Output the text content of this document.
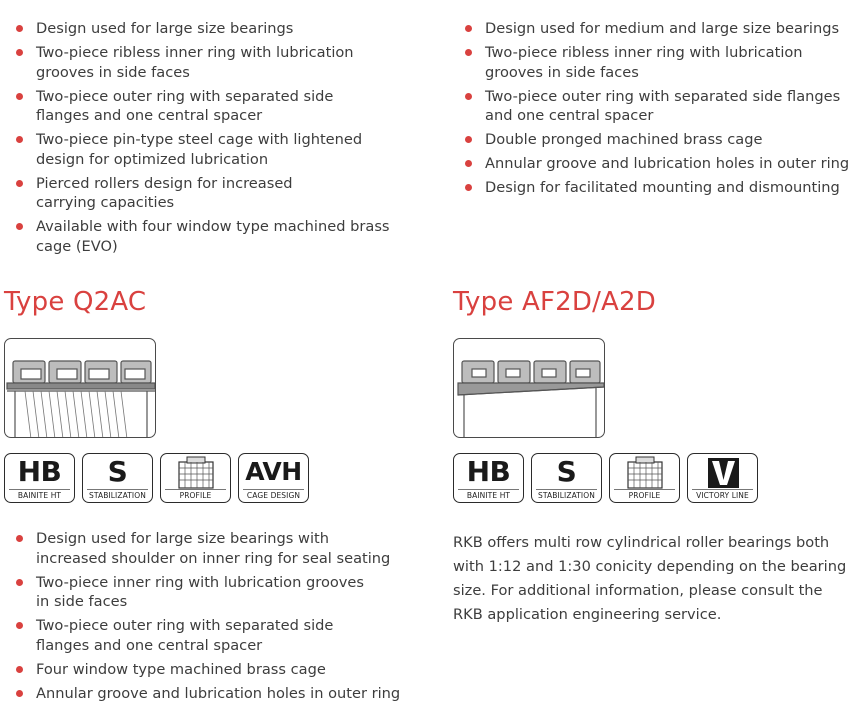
Design used for large size bearings
Two-piece ribless inner ring with lubrication grooves in side faces
Two-piece outer ring with separated side flanges and one central spacer
Two-piece pin-type steel cage with lightened design for optimized lubrication
Pierced rollers design for increased carrying capacities
Available with four window type machined brass cage (EVO)
Design used for medium and large size bearings
Two-piece ribless inner ring with lubrication grooves in side faces
Two-piece outer ring with separated side flanges and one central spacer
Double pronged machined brass cage
Annular groove and lubrication holes in outer ring
Design for facilitated mounting and dismounting
Type Q2AC
HB
BAINITE HT
S
STABILIZATION	PROFILE
AVH
CAGE DESIGN
Design used for large size bearings with increased shoulder on inner ring for seal seating
Two-piece inner ring with lubrication grooves in side faces
Two-piece outer ring with separated side flanges and one central spacer
Four window type machined brass cage
Annular groove and lubrication holes in outer ring
Type AF2D/A2D
HB
BAINITE HT
S
STABILIZATION	PROFILE	VICTORY LINE

RKB offers multi row cylindrical roller bearings both with 1:12 and 1:30 conicity depending on the bearing size. For additional information, please consult the RKB application engineering service.
